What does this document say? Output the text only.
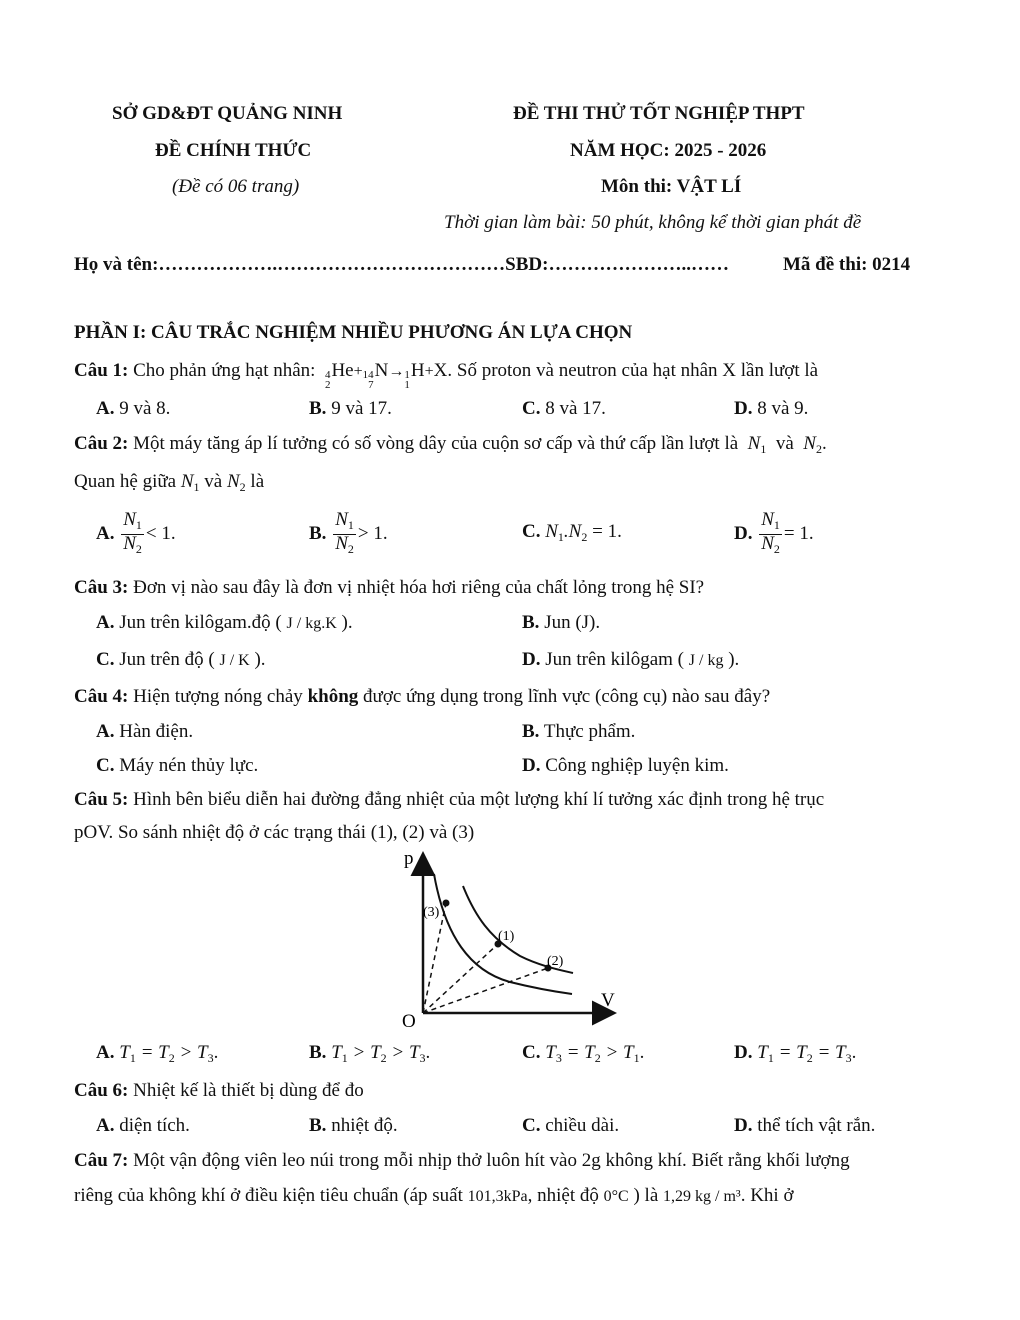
SỞ GD&ĐT QUẢNG NINH
ĐỀ CHÍNH THỨC
(Đề có 06 trang)
ĐỀ THI THỬ TỐT NGHIỆP THPT
NĂM HỌC: 2025 - 2026
Môn thi: VẬT LÍ
Thời gian làm bài: 50 phút, không kể thời gian phát đề
Họ và tên:……………….………………………………SBD:…………………..……	Mã đề thi: 0214
PHẦN I: CÂU TRẮC NGHIỆM NHIỀU PHƯƠNG ÁN LỰA CHỌN
Câu 1: Cho phản ứng hạt nhân: 4
2
He+ 14
7
N→ 1
1
H+X. Số proton và neutron của hạt nhân X lần lượt là
A. 9 và 8.	B. 9 và 17.	C. 8 và 17.	D. 8 và 9.
Câu 2: Một máy tăng áp lí tưởng có số vòng dây của cuộn sơ cấp và thứ cấp lần lượt là $N_1$ và $N_2$.
Quan hệ giữa $N_1$ và $N_2$ là
A. $\frac{N_1}{N_2} < 1$.	B. $\frac{N_1}{N_2} > 1$.	C. $N_1.N_2 = 1$.	D. $\frac{N_1}{N_2} = 1$.
Câu 3: Đơn vị nào sau đây là đơn vị nhiệt hóa hơi riêng của chất lỏng trong hệ SI?
A. Jun trên kilôgam.độ ( J / kg.K ).	B. Jun (J).
C. Jun trên độ ( J / K ).	D. Jun trên kilôgam ( J / kg ).
Câu 4: Hiện tượng nóng chảy không được ứng dụng trong lĩnh vực (công cụ) nào sau đây?
A. Hàn điện.	B. Thực phẩm.
C. Máy nén thủy lực.	D. Công nghiệp luyện kim.
Câu 5: Hình bên biểu diễn hai đường đẳng nhiệt của một lượng khí lí tưởng xác định trong hệ trục
pOV. So sánh nhiệt độ ở các trạng thái (1), (2) và (3)
p
V
O
(3)
(1)
(2)
A. $T_1 = T_2 > T_3$.	B. $T_1 > T_2 > T_3$.	C. $T_3 = T_2 > T_1$.	D. $T_1 = T_2 = T_3$.
Câu 6: Nhiệt kế là thiết bị dùng để đo
A. diện tích.	B. nhiệt độ.	C. chiều dài.	D. thể tích vật rắn.
Câu 7: Một vận động viên leo núi trong mỗi nhịp thở luôn hít vào 2g không khí. Biết rằng khối lượng
riêng của không khí ở điều kiện tiêu chuẩn (áp suất 101,3kPa, nhiệt độ 0°C ) là 1,29 kg / m³. Khi ở
